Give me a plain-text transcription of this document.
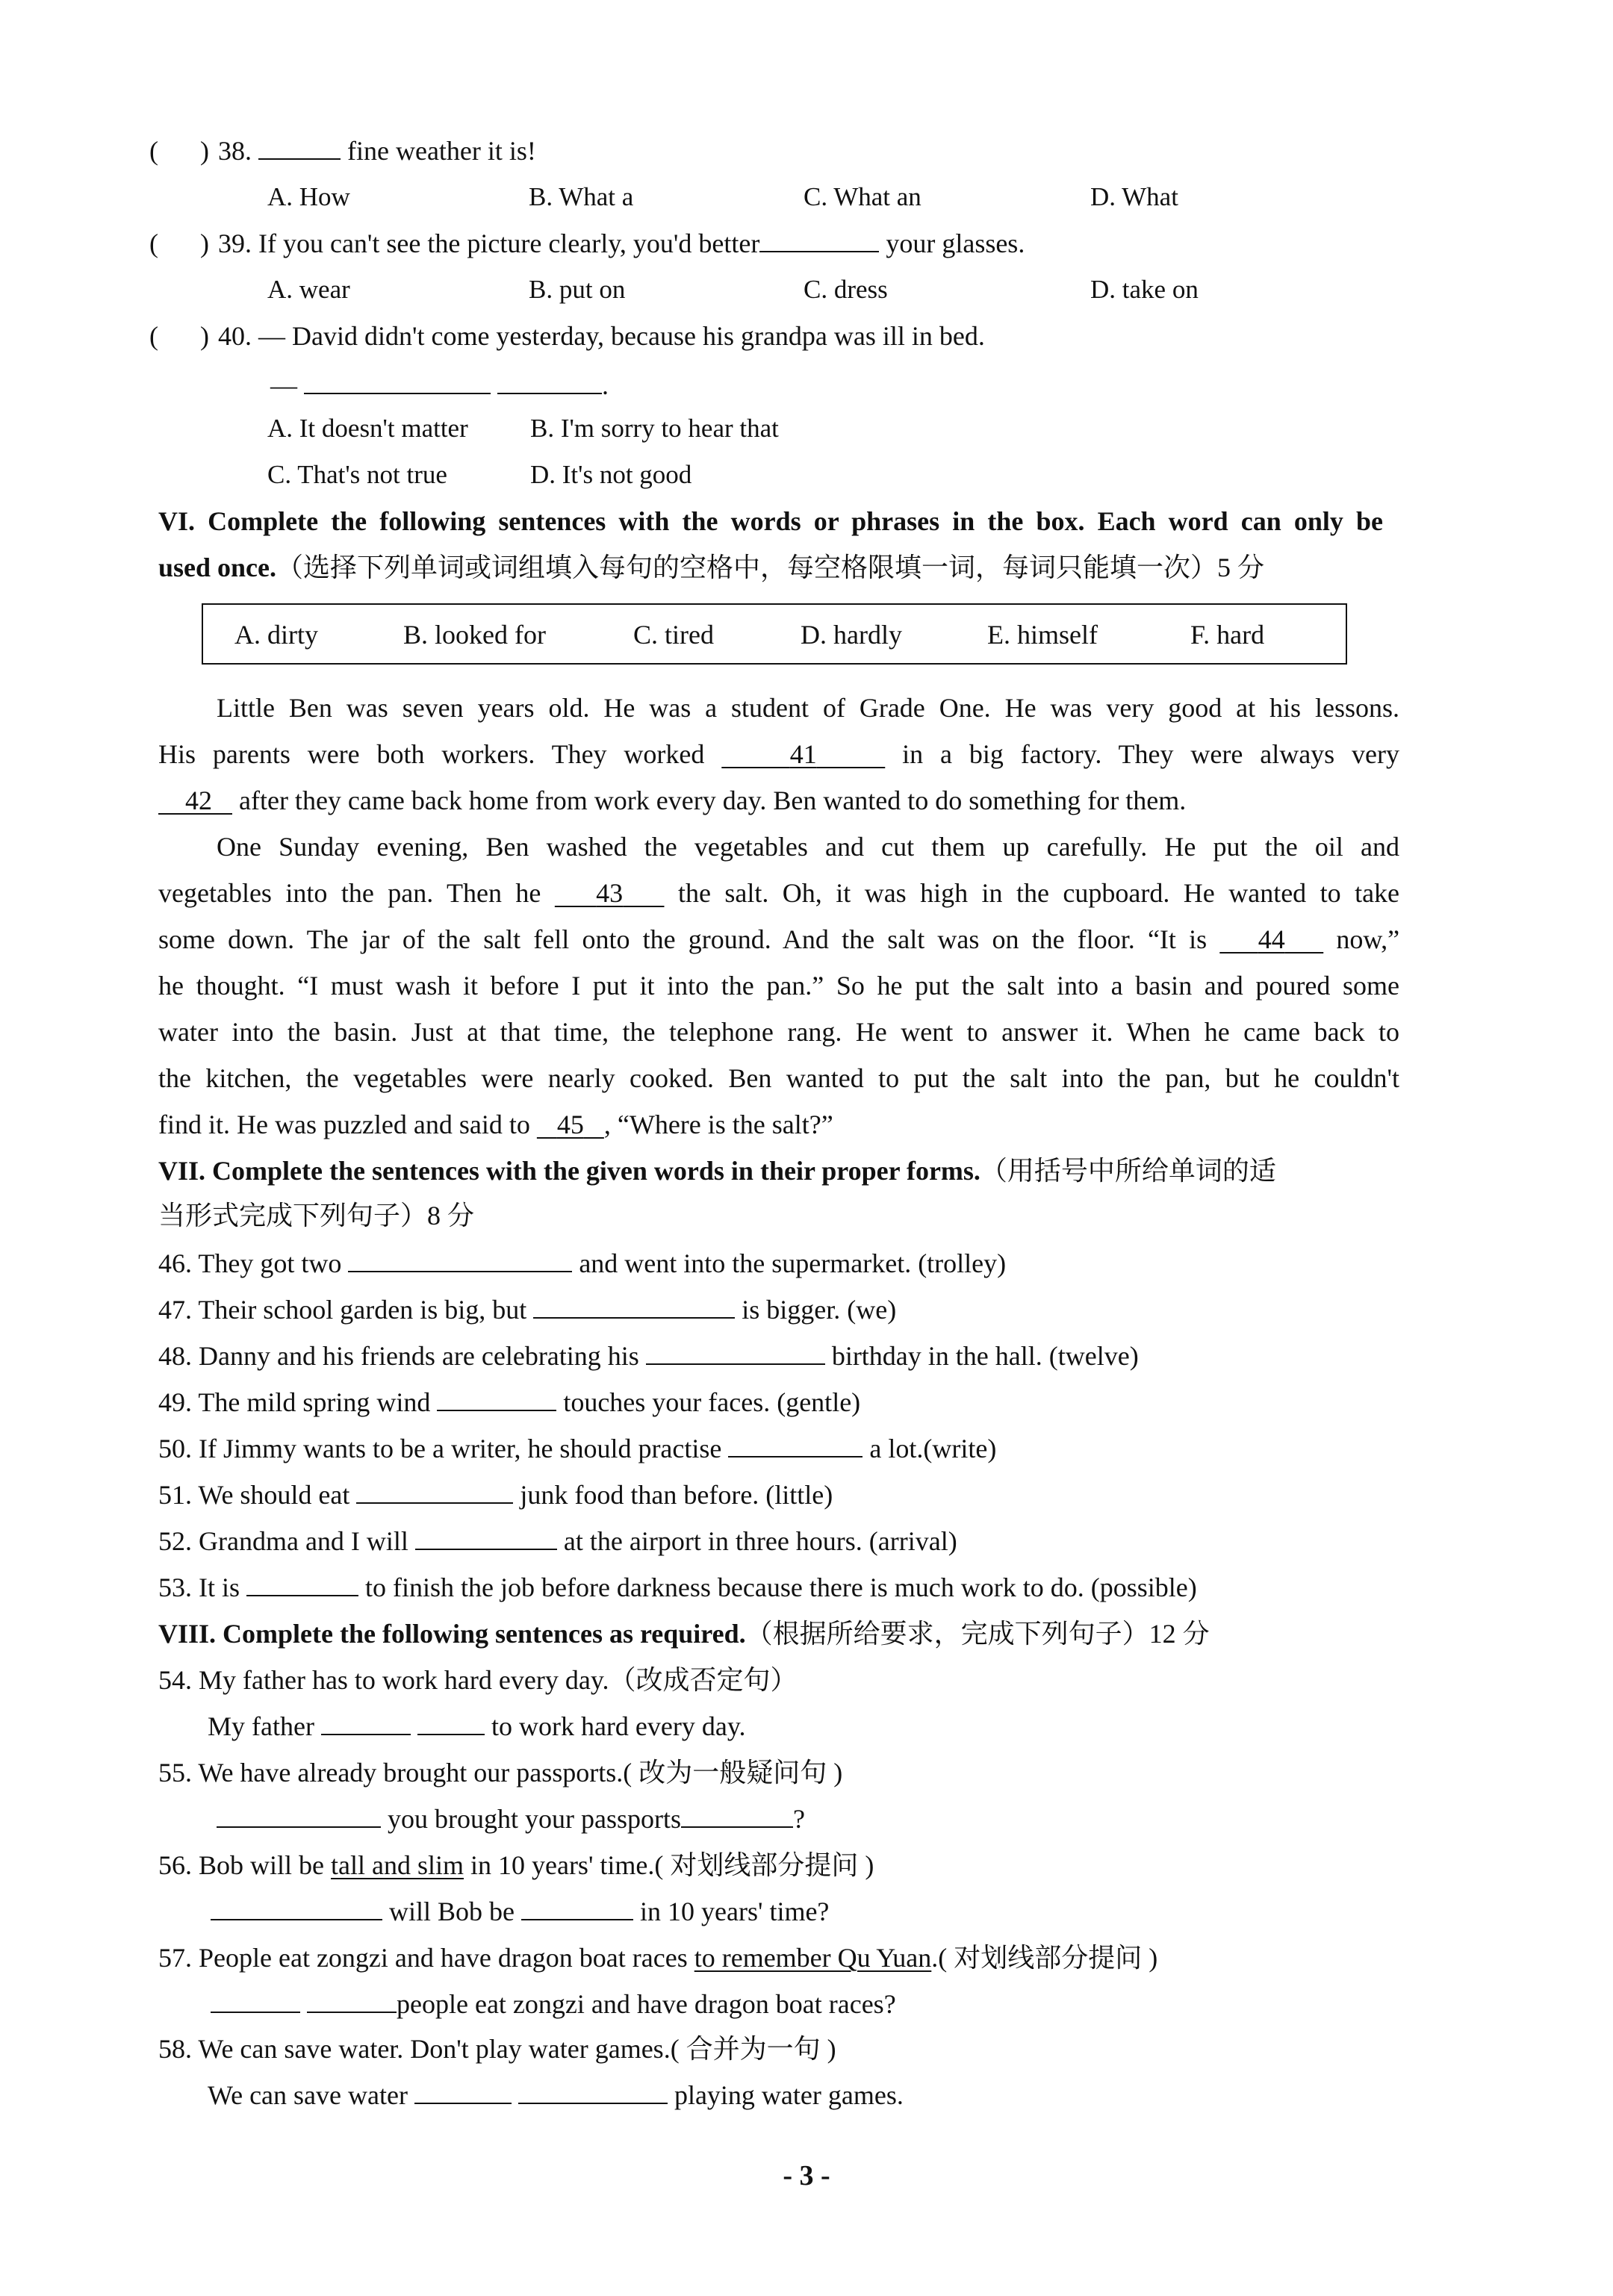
( ) 38.	fine weather it is!
A. How	B. What a	C. What an	D. What
( ) 39. If you can't see the picture clearly, you'd better	your glasses.
A. wear	B. put on	C. dress	D. take on
( ) 40. — David didn't come yesterday, because his grandpa was ill in bed.
—	.
A. It doesn't matter B. I'm sorry to hear that
C. That's not true	D. It's not good
VI. Complete the following sentences with the words or phrases in the box. Each word can only be
used once.（选择下列单词或词组填入每句的空格中，每空格限填一词，每词只能填一次）5 分
A. dirty	B. looked for	C. tired	D. hardly	E. himself	F. hard
Little Ben was seven years old. He was a student of Grade One. He was very good at his lessons.
His parents were both workers. They worked	41	in a big factory. They were always very
42 after they came back home from work every day. Ben wanted to do something for them.
One Sunday evening, Ben washed the vegetables and cut them up carefully. He put the oil and
vegetables into the pan. Then he 43 the salt. Oh, it was high in the cupboard. He wanted to take
some down. The jar of the salt fell onto the ground. And the salt was on the floor. “It is 44 now,”
he thought. “I must wash it before I put it into the pan.” So he put the salt into a basin and poured some
water into the basin. Just at that time, the telephone rang. He went to answer it. When he came back to
the kitchen, the vegetables were nearly cooked. Ben wanted to put the salt into the pan, but he couldn't
find it. He was puzzled and said to 45 , “Where is the salt?”
VII. Complete the sentences with the given words in their proper forms.（用括号中所给单词的适
当形式完成下列句子）8 分
46. They got two	and went into the supermarket. (trolley)
47. Their school garden is big, but	is bigger. (we)
48. Danny and his friends are celebrating his	birthday in the hall. (twelve)
49. The mild spring wind	touches your faces. (gentle)
50. If Jimmy wants to be a writer, he should practise	a lot.(write)
51. We should eat	junk food than before. (little)
52. Grandma and I will	at the airport in three hours. (arrival)
53. It is	to finish the job before darkness because there is much work to do. (possible)
VIII. Complete the following sentences as required.（根据所给要求，完成下列句子）12 分
54. My father has to work hard every day.（改成否定句）
My father	to work hard every day.
55. We have already brought our passports.( 改为一般疑问句 )
you brought your passports	?
56. Bob will be tall and slim in 10 years' time.( 对划线部分提问 )
will Bob be	in 10 years' time?
57. People eat zongzi and have dragon boat races to remember Qu Yuan.( 对划线部分提问 )
people eat zongzi and have dragon boat races?
58. We can save water. Don't play water games.( 合并为一句 )
We can save water	playing water games.
- 3 -
